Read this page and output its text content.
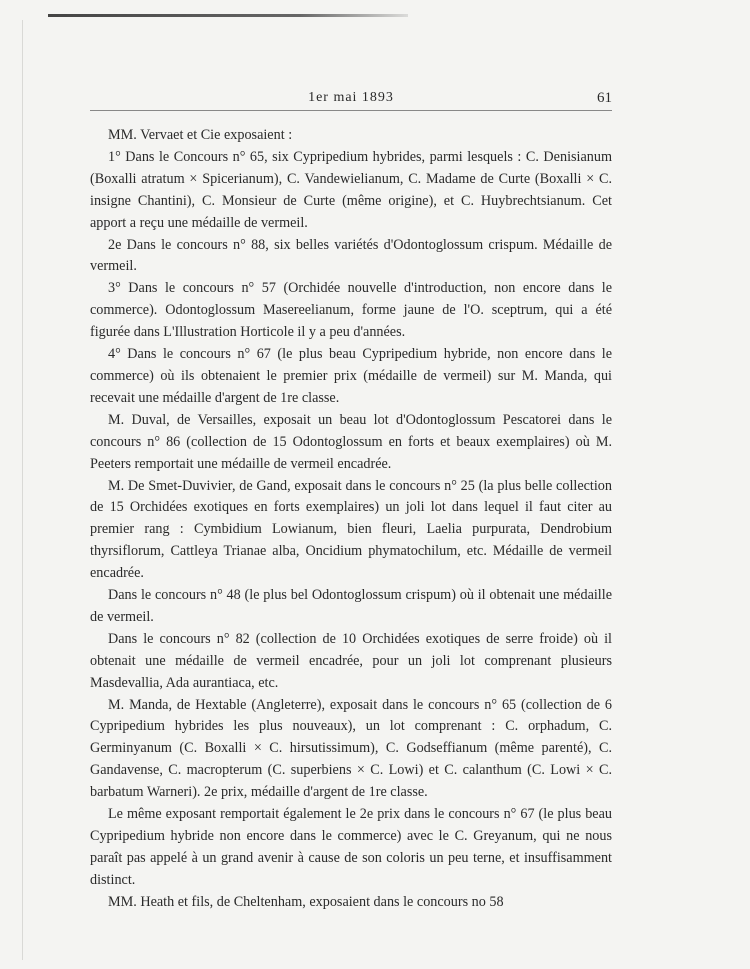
1er mai 1893	61

MM. Vervaet et Cie exposaient :

1° Dans le Concours n° 65, six Cypripedium hybrides, parmi lesquels : C. Denisianum (Boxalli atratum × Spicerianum), C. Vandewielianum, C. Madame de Curte (Boxalli × C. insigne Chantini), C. Monsieur de Curte (même origine), et C. Huybrechtsianum. Cet apport a reçu une médaille de vermeil.

2e Dans le concours n° 88, six belles variétés d'Odontoglossum crispum. Médaille de vermeil.

3° Dans le concours n° 57 (Orchidée nouvelle d'introduction, non encore dans le commerce). Odontoglossum Masereelianum, forme jaune de l'O. sceptrum, qui a été figurée dans L'Illustration Horticole il y a peu d'années.

4° Dans le concours n° 67 (le plus beau Cypripedium hybride, non encore dans le commerce) où ils obtenaient le premier prix (médaille de vermeil) sur M. Manda, qui recevait une médaille d'argent de 1re classe.

M. Duval, de Versailles, exposait un beau lot d'Odontoglossum Pescatorei dans le concours n° 86 (collection de 15 Odontoglossum en forts et beaux exemplaires) où M. Peeters remportait une médaille de vermeil encadrée.

M. De Smet-Duvivier, de Gand, exposait dans le concours n° 25 (la plus belle collection de 15 Orchidées exotiques en forts exemplaires) un joli lot dans lequel il faut citer au premier rang : Cymbidium Lowianum, bien fleuri, Laelia purpurata, Dendrobium thyrsiflorum, Cattleya Trianae alba, Oncidium phymatochilum, etc. Médaille de vermeil encadrée.

Dans le concours n° 48 (le plus bel Odontoglossum crispum) où il obtenait une médaille de vermeil.

Dans le concours n° 82 (collection de 10 Orchidées exotiques de serre froide) où il obtenait une médaille de vermeil encadrée, pour un joli lot comprenant plusieurs Masdevallia, Ada aurantiaca, etc.

M. Manda, de Hextable (Angleterre), exposait dans le concours n° 65 (collection de 6 Cypripedium hybrides les plus nouveaux), un lot comprenant : C. orphadum, C. Germinyanum (C. Boxalli × C. hirsutissimum), C. Godseffianum (même parenté), C. Gandavense, C. macropterum (C. superbiens × C. Lowi) et C. calanthum (C. Lowi × C. barbatum Warneri). 2e prix, médaille d'argent de 1re classe.

Le même exposant remportait également le 2e prix dans le concours n° 67 (le plus beau Cypripedium hybride non encore dans le commerce) avec le C. Greyanum, qui ne nous paraît pas appelé à un grand avenir à cause de son coloris un peu terne, et insuffisamment distinct.

MM. Heath et fils, de Cheltenham, exposaient dans le concours no 58
